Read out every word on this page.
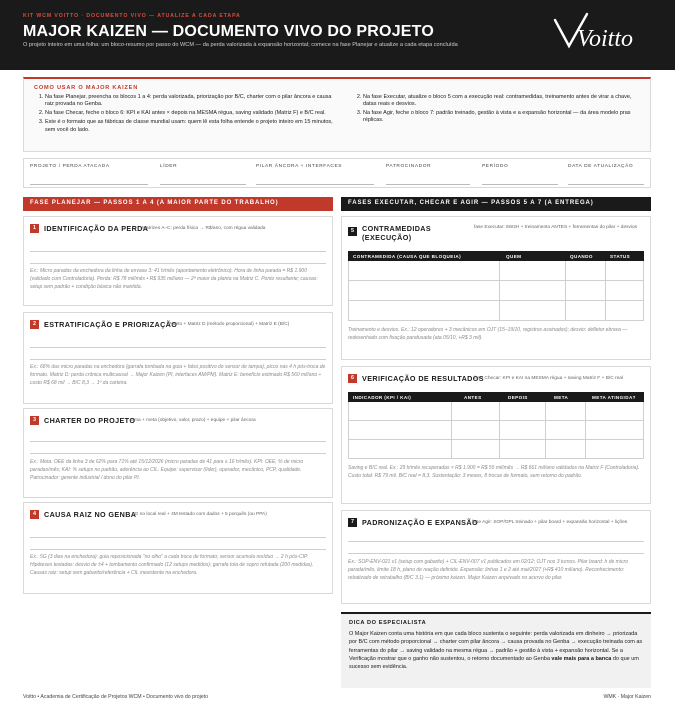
KIT WCM VOITTO · DOCUMENTO VIVO — ATUALIZE A CADA ETAPA
MAJOR KAIZEN — DOCUMENTO VIVO DO PROJETO
O projeto inteiro em uma folha: um bloco-resumo por passo do WCM — da perda valorizada à expansão horizontal; comece na fase Planejar e atualize a cada etapa concluída	Voitto
COMO USAR O MAJOR KAIZEN
1. Na fase Planejar, preencha os blocos 1 a 4: perda valorizada, priorização por B/C, charter com o pilar âncora e causa raiz provada no Genba.
2. Na fase Checar, feche o bloco 6: KPI e KAI antes × depois na MESMA régua, saving validado (Matriz F) e B/C real.
3. Este é o formato que as fábricas de classe mundial usam: quem lê esta folha entende o projeto inteiro em 15 minutos, sem você do lado.
2. Na fase Executar, atualize o bloco 5 com a execução real: contramedidas, treinamento antes de virar a chave, datas reais e desvios.
3. Na fase Agir, feche o bloco 7: padrão treinado, gestão à vista e a expansão horizontal — da área modelo pras réplicas.
PROJETO / PERDA ATACADA	LÍDER	PILAR ÂNCORA + INTERFACES	PATROCINADOR	PERÍODO	DATA DE ATUALIZAÇÃO
FASE PLANEJAR — PASSOS 1 A 4 (A MAIOR PARTE DO TRABALHO)	FASES EXECUTAR, CHECAR E AGIR — PASSOS 5 A 7 (A ENTREGA)
1	IDENTIFICAÇÃO DA PERDA
Matrizes A–C: perda física → R$/ano, com régua validada
Ex.: Micro paradas da enchedora da linha de envase 3: 41 h/mês (apontamento eletrônico). Hora de linha parada = R$ 1.900 (validado com Controladoria). Perda: R$ 78 mil/mês • R$ 935 mil/ano — 2ª maior da planta na Matriz C. Ponto resultante; causas: setup sem padrão + condição básica não mantida.
2	ESTRATIFICAÇÃO E PRIORIZAÇÃO
Pareto + Matriz D (método proporcional) + Matriz E (B/C)
Ex.: 68% das micro paradas na enchedora (garrafa tombada na guia + falso positivo do sensor de tampa), picos nas 4 h pós-troca de formato. Matriz D: perda crônica multicausal → Major Kaizen (PI, interfaces AM/PM). Matriz E: benefício estimado R$ 560 mil/ano ÷ custo R$ 68 mil → B/C 8,3 → 1º da carteira.
3	CHARTER DO PROJETO
tema + meta (objetivo, valor, prazo) + equipe + pilar âncora
Ex.: Meta: OEE da linha 3 de 62% para 71% até 15/12/2026 (micro paradas de 41 para ≤ 16 h/mês). KPI: OEE, % de micro paradas/mês; KAI: % setups no padrão, aderência ao CIL. Equipe: supervisor (líder), operador, mecânico, PCP, qualidade. Patrocinador: gerente industrial / dono do pilar PI.
4	CAUSA RAIZ NO GENBA
5G no local real + 4M testado com dados + 5 porquês (ou PPA)
Ex.: 5G (3 dias na enchedora): guia reposicionada "no olho" a cada troca de formato; sensor acumula resíduo → 2 h pós-CIP. Hipóteses testadas: desvio de ±4 + tombamento confirmado (12 setups medidos); garrafa tola de sopro refutada (200 medidas). Causas raiz: setup sem gabarito/referência + CIL inexistente na enchedora.
5	CONTRAMEDIDAS (EXECUÇÃO)
fase Executar: 5W2H + treinamento ANTES + ferramentas do pilar + desvios
CONTRAMEDIDA (CAUSA QUE BLOQUEIA)	QUEM	QUANDO	STATUS
Treinamento e desvios. Ex.: 12 operadores + 3 mecânicos em OJT (15–19/10, registros assinados); desvio: defletor ebrava — redesenhado com fixação parafusada (ata 05/10, +R$ 3 mil).
6	VERIFICAÇÃO DE RESULTADOS
fase Checar: KPI e KAI na MESMA régua + saving Matriz F + B/C real
INDICADOR (KPI / KAI)	ANTES	DEPOIS	META	META ATINGIDA?
Saving e B/C real. Ex.: 29 h/mês recuperadas × R$ 1.900 = R$ 55 mil/mês → R$ 661 mil/ano validados na Matriz F (Controladoria). Custo total: R$ 79 mil. B/C real = 8,3. Sustentação: 3 meses, 8 trocas de formato, sem retorno do padrão.
7	PADRONIZAÇÃO E EXPANSÃO
fase Agir: SOP/OPL treinado + pilar board + expansão horizontal + lições
Ex.: SOP-ENV-021 v1 (setup com gabarito) + CIL-ENV-007 v1 publicados em 02/12; OJT nos 3 turnos. Pilar board: h de micro parada/mês, limite 18 h, plano de reação definido. Expansão: linhas 1 e 2 até mai/2027 (+R$ 410 mil/ano). Reconhecimento: rebatizado de retrabalho (B/C 3,1) — próximo kaizen. Major Kaizen arquivado no acervo do pilar.
DICA DO ESPECIALISTA
O Major Kaizen conta uma história em que cada bloco sustenta o seguinte: perda valorizada em dinheiro → priorizada por B/C com método proporcional → charter com pilar âncora → causa provada no Genba → execução treinada com as ferramentas do pilar → saving validado na mesma régua → padrão + gestão à vista + expansão horizontal. Se a Verificação mostrar que o ganho não sustentou, o retorno documentado ao Genba vale mais para a banca do que um sucesso sem evidência.
Voitto • Academia de Certificação de Projetos WCM • Documento vivo do projeto	WMK · Major Kaizen
